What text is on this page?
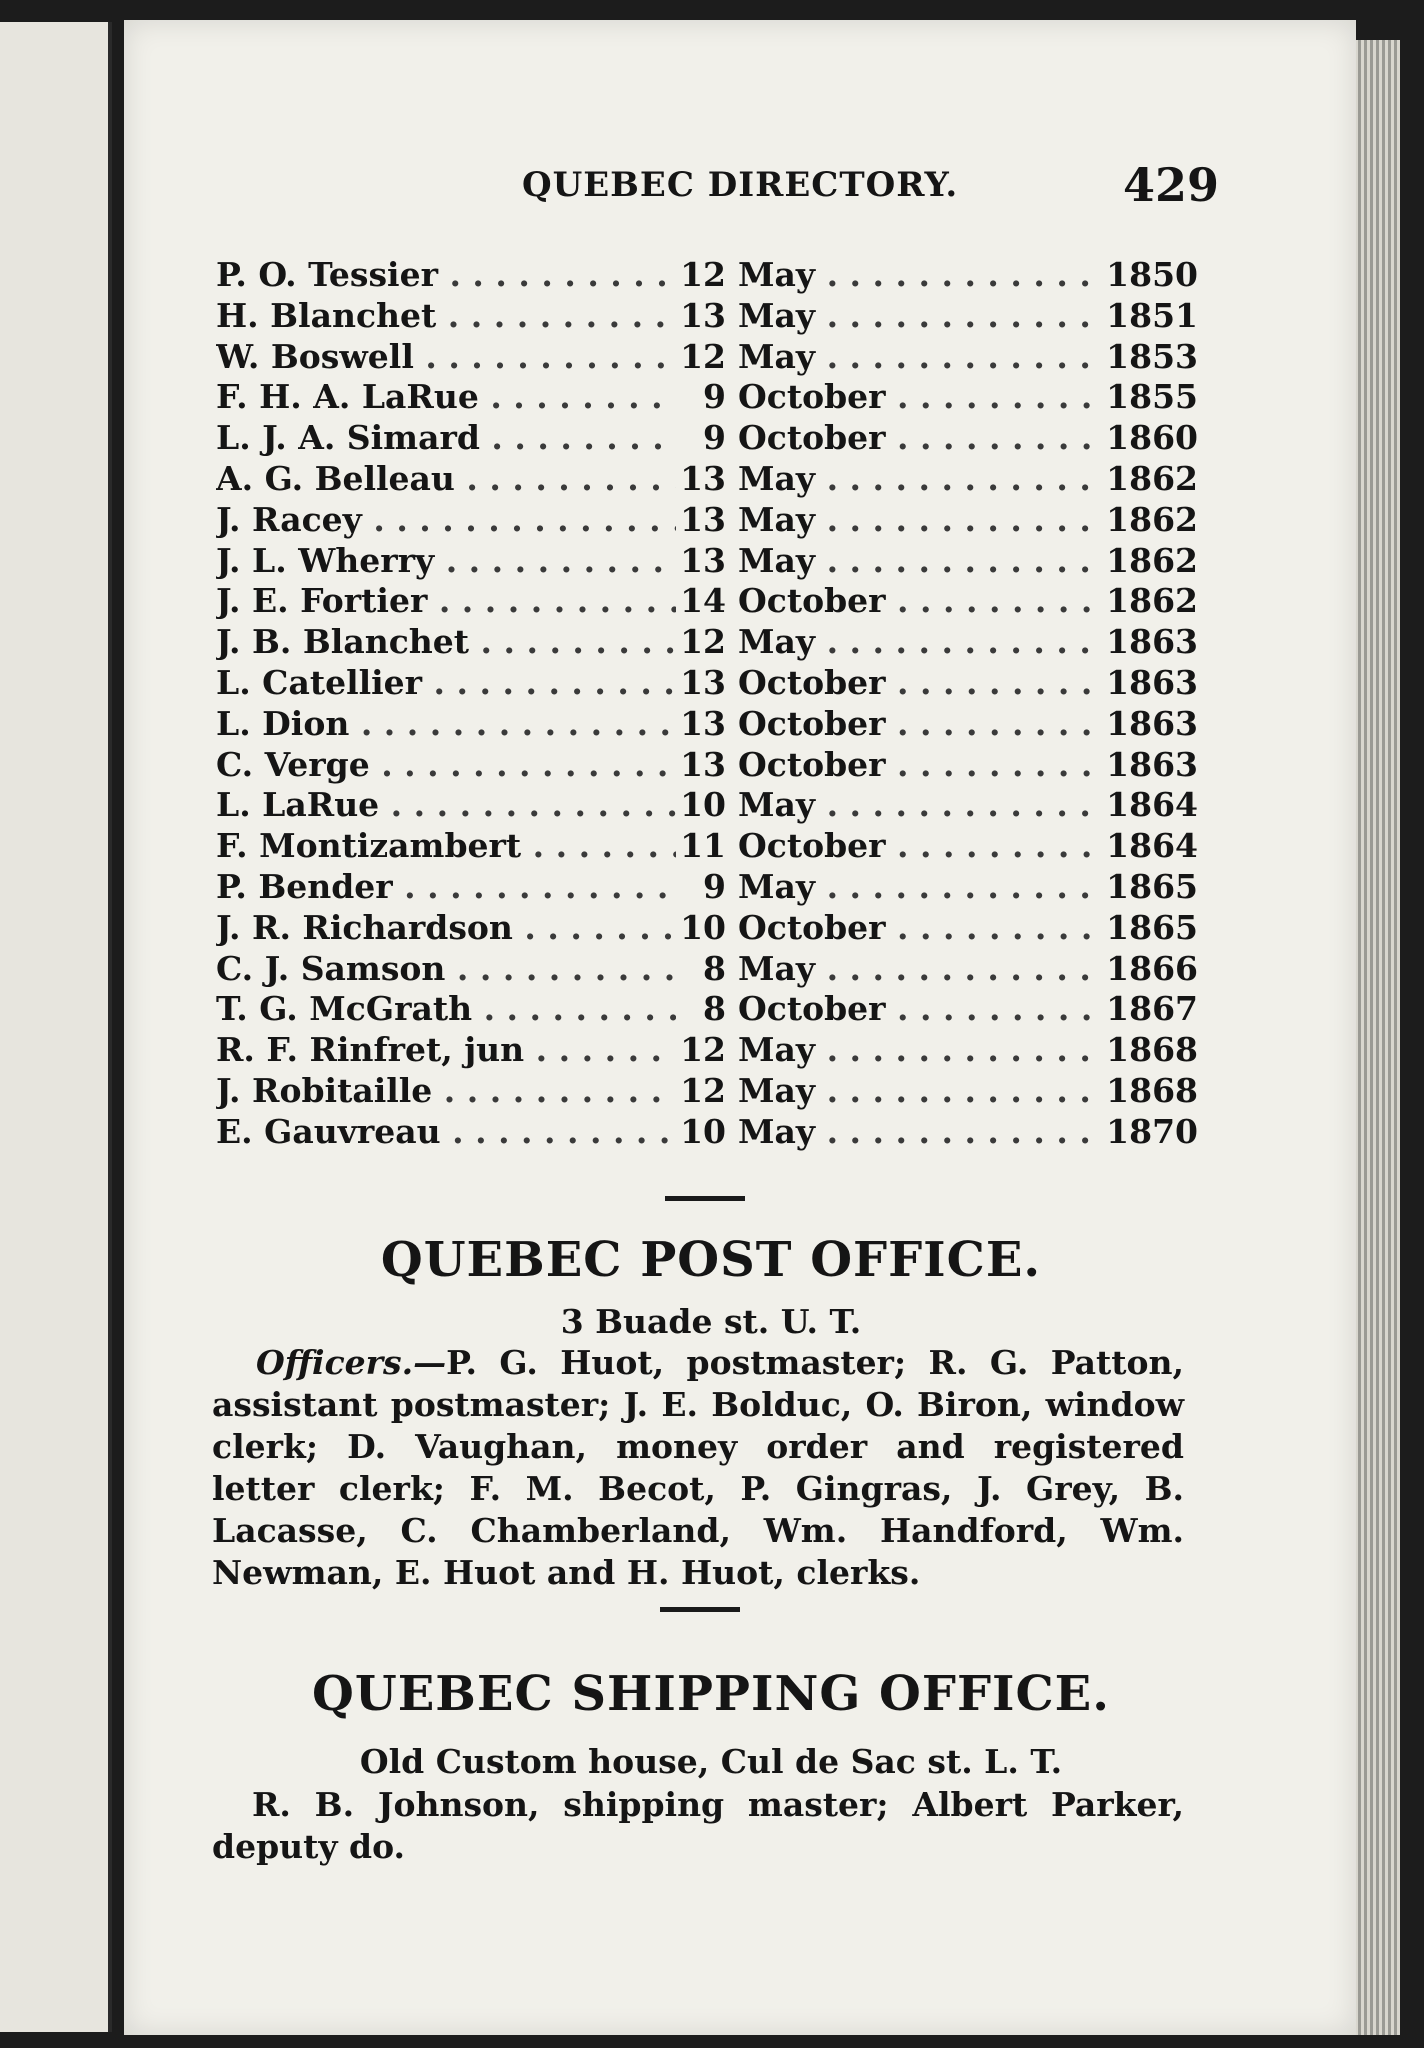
QUEBEC DIRECTORY.	429
P. O. Tessier . . .	12 May . . .	1850
H. Blanchet . . .	13 May . . .	1851
W. Boswell . . .	12 May . . .	1853
F. H. A. LaRue . . .	9 October . . .	1855
L. J. A. Simard . . .	9 October . . .	1860
A. G. Belleau . . .	13 May . . .	1862
J. Racey . . .	13 May . . .	1862
J. L. Wherry . . .	13 May . . .	1862
J. E. Fortier . . .	14 October . . .	1862
J. B. Blanchet . . .	12 May . . .	1863
L. Catellier . . .	13 October . . .	1863
L. Dion . . .	13 October . . .	1863
C. Verge . . .	13 October . . .	1863
L. LaRue . . .	10 May . . .	1864
F. Montizambert . . .	11 October . . .	1864
P. Bender . . .	9 May . . .	1865
J. R. Richardson . . .	10 October . . .	1865
C. J. Samson . . .	8 May . . .	1866
T. G. McGrath . . .	8 October . . .	1867
R. F. Rinfret, jun . . .	12 May . . .	1868
J. Robitaille . . .	12 May . . .	1868
E. Gauvreau . . .	10 May . . .	1870
QUEBEC POST OFFICE.
3 Buade st. U. T.
Officers.—P. G. Huot, postmaster; R. G. Patton, assistant postmaster; J. E. Bolduc, O. Biron, window clerk; D. Vaughan, money order and registered letter clerk; F. M. Becot, P. Gingras, J. Grey, B. Lacasse, C. Chamberland, Wm. Handford, Wm. Newman, E. Huot and H. Huot, clerks.
QUEBEC SHIPPING OFFICE.
Old Custom house, Cul de Sac st. L. T.
R. B. Johnson, shipping master; Albert Parker, deputy do.
